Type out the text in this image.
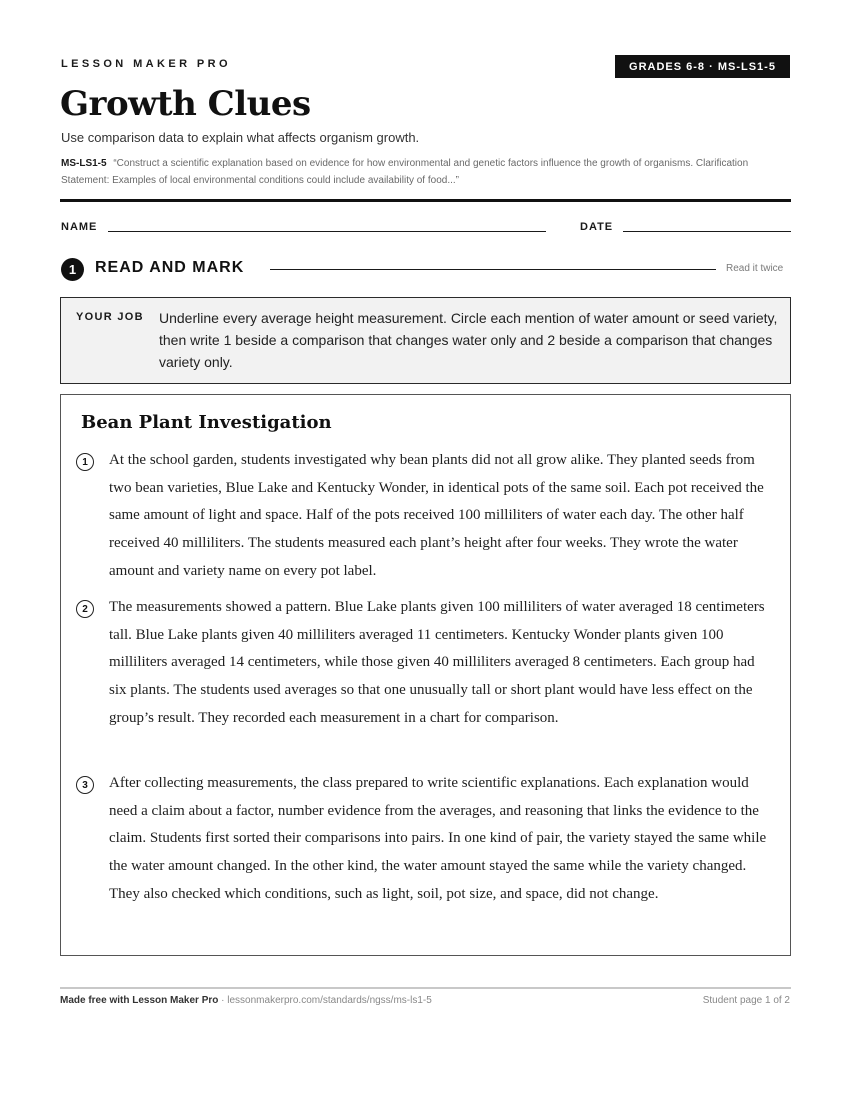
LESSON MAKER PRO	GRADES 6-8 · MS-LS1-5
Growth Clues
Use comparison data to explain what affects organism growth.
MS-LS1-5 “Construct a scientific explanation based on evidence for how environmental and genetic factors influence the growth of organisms. Clarification Statement: Examples of local environmental conditions could include availability of food...”
NAME	DATE
1	READ AND MARK	Read it twice
YOUR JOB Underline every average height measurement. Circle each mention of water amount or seed variety, then write 1 beside a comparison that changes water only and 2 beside a comparison that changes variety only.
Bean Plant Investigation
1	At the school garden, students investigated why bean plants did not all grow alike. They planted seeds from two bean varieties, Blue Lake and Kentucky Wonder, in identical pots of the same soil. Each pot received the same amount of light and space. Half of the pots received 100 milliliters of water each day. The other half received 40 milliliters. The students measured each plant’s height after four weeks. They wrote the water amount and variety name on every pot label.
2	The measurements showed a pattern. Blue Lake plants given 100 milliliters of water averaged 18 centimeters tall. Blue Lake plants given 40 milliliters averaged 11 centimeters. Kentucky Wonder plants given 100 milliliters averaged 14 centimeters, while those given 40 milliliters averaged 8 centimeters. Each group had six plants. The students used averages so that one unusually tall or short plant would have less effect on the group’s result. They recorded each measurement in a chart for comparison.
3	After collecting measurements, the class prepared to write scientific explanations. Each explanation would need a claim about a factor, number evidence from the averages, and reasoning that links the evidence to the claim. Students first sorted their comparisons into pairs. In one kind of pair, the variety stayed the same while the water amount changed. In the other kind, the water amount stayed the same while the variety changed. They also checked which conditions, such as light, soil, pot size, and space, did not change.
Made free with Lesson Maker Pro · lessonmakerpro.com/standards/ngss/ms-ls1-5	Student page 1 of 2
